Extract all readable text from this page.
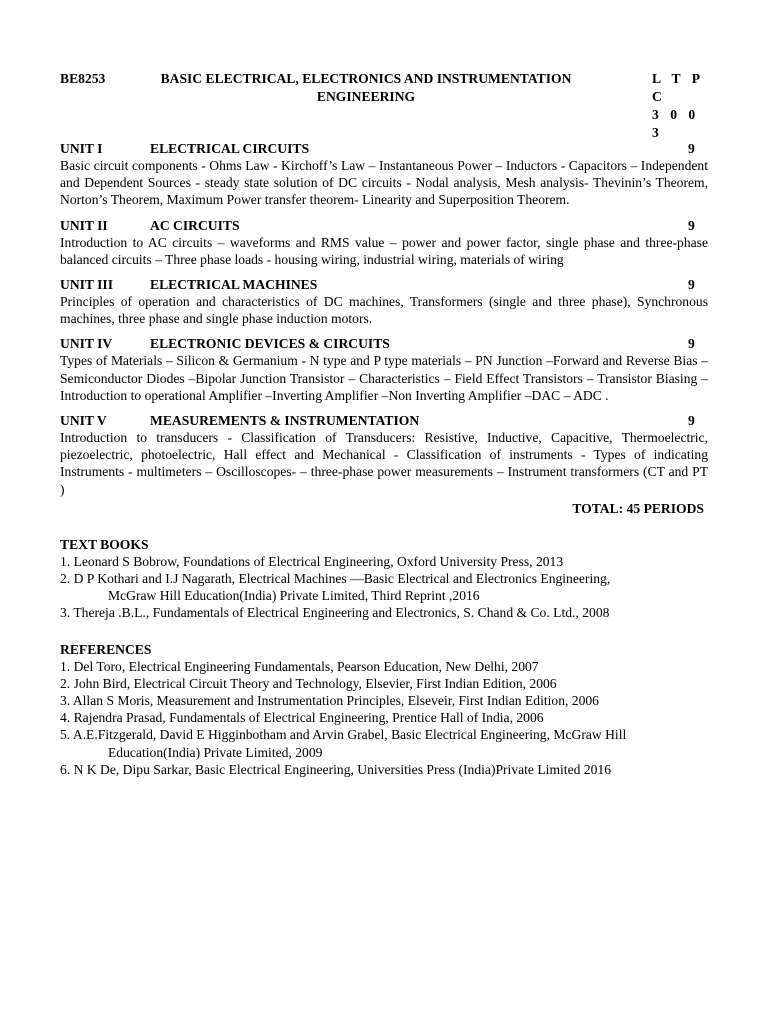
BE8253	BASIC ELECTRICAL, ELECTRONICS AND INSTRUMENTATION
ENGINEERING
L T P C
3 0 0 3
UNIT I	ELECTRICAL CIRCUITS	9
Basic circuit components - Ohms Law - Kirchoff’s Law – Instantaneous Power – Inductors - Capacitors – Independent and Dependent Sources - steady state solution of DC circuits - Nodal analysis, Mesh analysis- Thevinin’s Theorem, Norton’s Theorem, Maximum Power transfer theorem- Linearity and Superposition Theorem.
UNIT II	AC CIRCUITS	9
Introduction to AC circuits – waveforms and RMS value – power and power factor, single phase and three-phase balanced circuits – Three phase loads - housing wiring, industrial wiring, materials of wiring
UNIT III	ELECTRICAL MACHINES	9
Principles of operation and characteristics of DC machines, Transformers (single and three phase), Synchronous machines, three phase and single phase induction motors.
UNIT IV	ELECTRONIC DEVICES & CIRCUITS	9
Types of Materials – Silicon & Germanium - N type and P type materials – PN Junction –Forward and Reverse Bias –Semiconductor Diodes –Bipolar Junction Transistor – Characteristics – Field Effect Transistors – Transistor Biasing –Introduction to operational Amplifier –Inverting Amplifier –Non Inverting Amplifier –DAC – ADC .
UNIT V	MEASUREMENTS & INSTRUMENTATION	9
Introduction to transducers - Classification of Transducers: Resistive, Inductive, Capacitive, Thermoelectric, piezoelectric, photoelectric, Hall effect and Mechanical - Classification of instruments - Types of indicating Instruments - multimeters – Oscilloscopes- – three-phase power measurements – Instrument transformers (CT and PT )
TOTAL: 45 PERIODS
TEXT BOOKS
1. Leonard S Bobrow, Foundations of Electrical Engineering, Oxford University Press, 2013
2. D P Kothari and I.J Nagarath, Electrical Machines —Basic Electrical and Electronics Engineering,
McGraw Hill Education(India) Private Limited, Third Reprint ,2016
3. Thereja .B.L., Fundamentals of Electrical Engineering and Electronics, S. Chand & Co. Ltd., 2008
REFERENCES
1. Del Toro, Electrical Engineering Fundamentals, Pearson Education, New Delhi, 2007
2. John Bird, Electrical Circuit Theory and Technology, Elsevier, First Indian Edition, 2006
3. Allan S Moris, Measurement and Instrumentation Principles, Elseveir, First Indian Edition, 2006
4. Rajendra Prasad, Fundamentals of Electrical Engineering, Prentice Hall of India, 2006
5. A.E.Fitzgerald, David E Higginbotham and Arvin Grabel, Basic Electrical Engineering, McGraw Hill
Education(India) Private Limited, 2009
6. N K De, Dipu Sarkar, Basic Electrical Engineering, Universities Press (India)Private Limited 2016
